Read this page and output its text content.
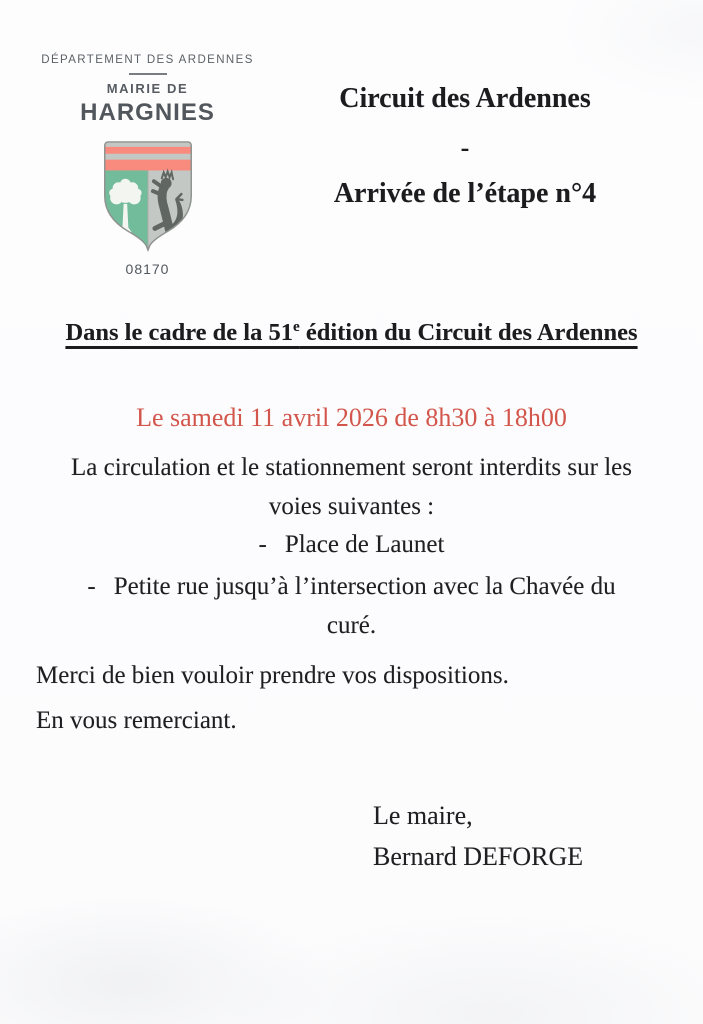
DÉPARTEMENT DES ARDENNES
MAIRIE DE
HARGNIES
08170
Circuit des Ardennes
-
Arrivée de l’étape n°4
Dans le cadre de la 51e édition du Circuit des Ardennes
Le samedi 11 avril 2026 de 8h30 à 18h00
La circulation et le stationnement seront interdits sur les
voies suivantes :
- Place de Launet
- Petite rue jusqu’à l’intersection avec la Chavée du
curé.
Merci de bien vouloir prendre vos dispositions.
En vous remerciant.
Le maire,
Bernard DEFORGE
